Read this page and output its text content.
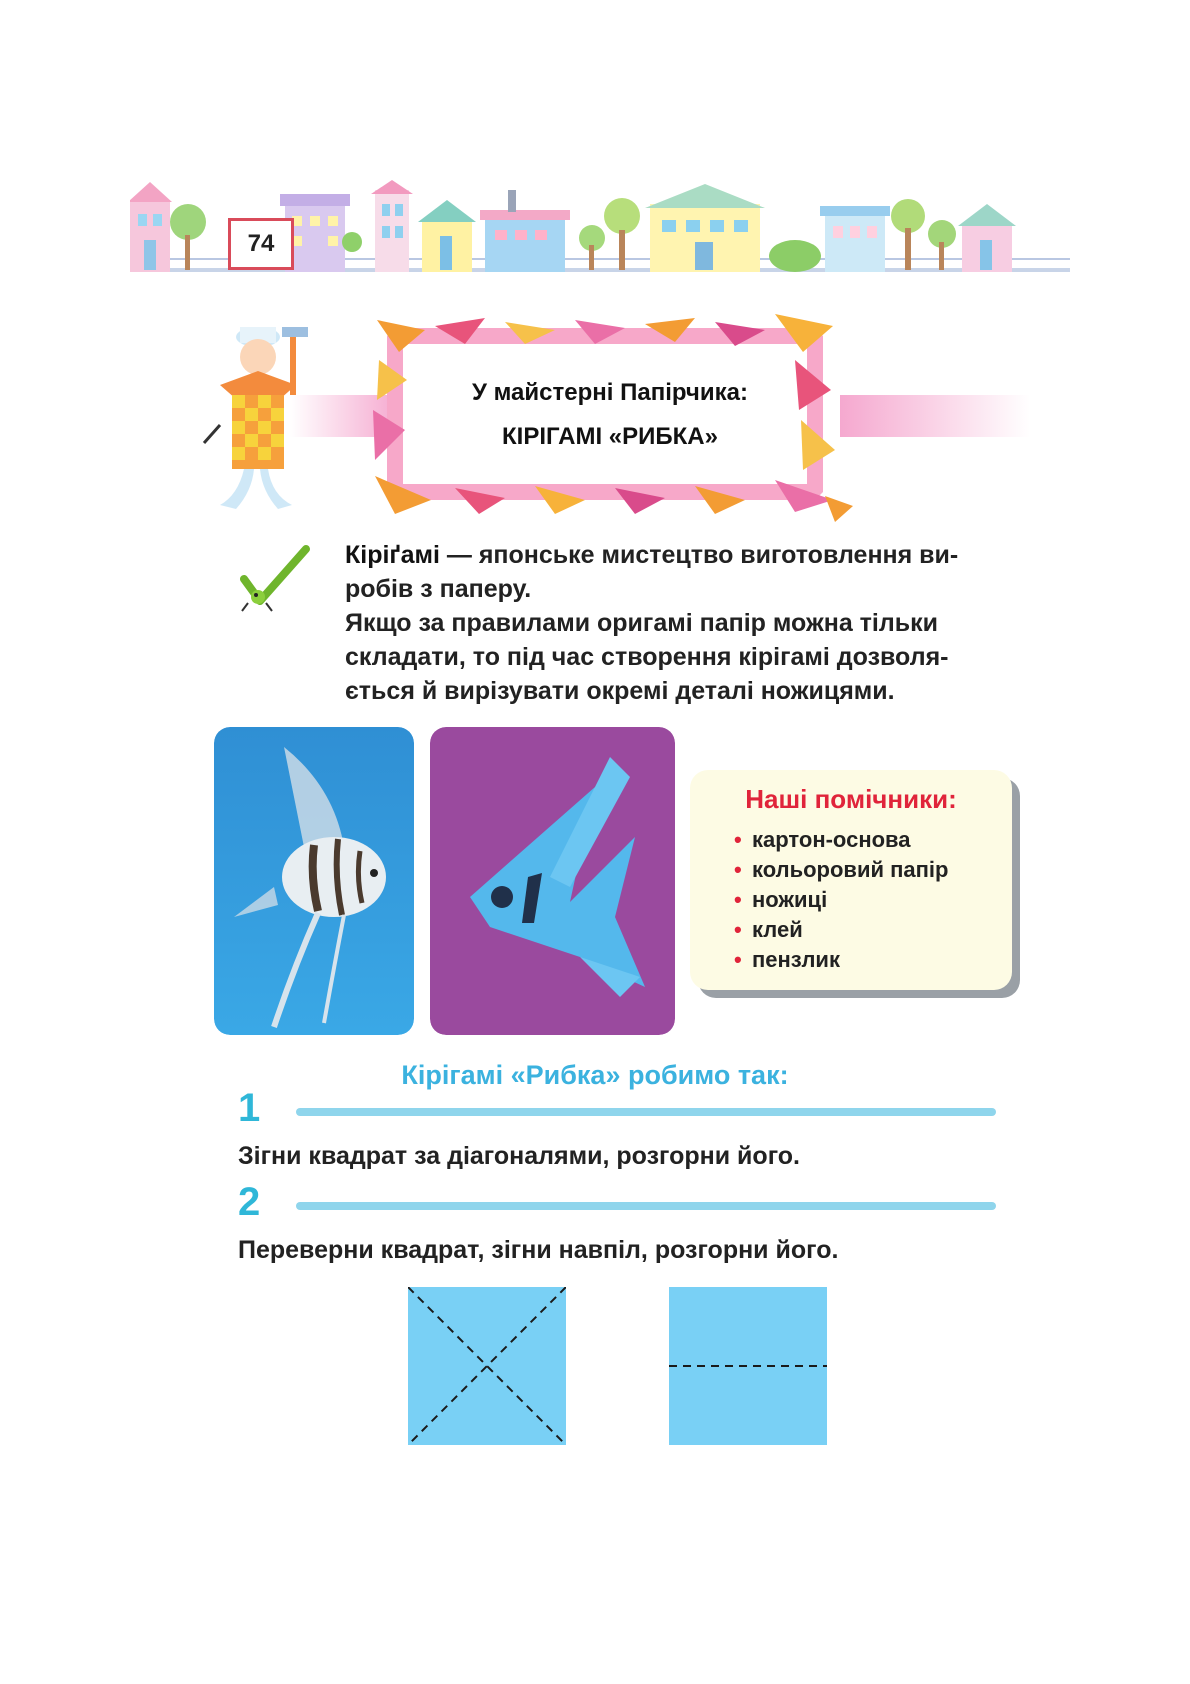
74
У майстерні Папірчика:
КІРІГАМІ «РИБКА»

Кіріґамі — японське мистецтво виготовлення ви-робів з паперу.

Якщо за правилами оригамі папір можна тільки складати, то під час створення кірігамі дозволя-ється й вирізувати окремі деталі ножицями.

Наші помічники:
• картон-основа
• кольоровий папір
• ножиці
• клей
• пензлик
Кірігамі «Рибка» робимо так:
1
Зігни квадрат за діагоналями, розгорни його.
2
Переверни квадрат, зігни навпіл, розгорни його.
